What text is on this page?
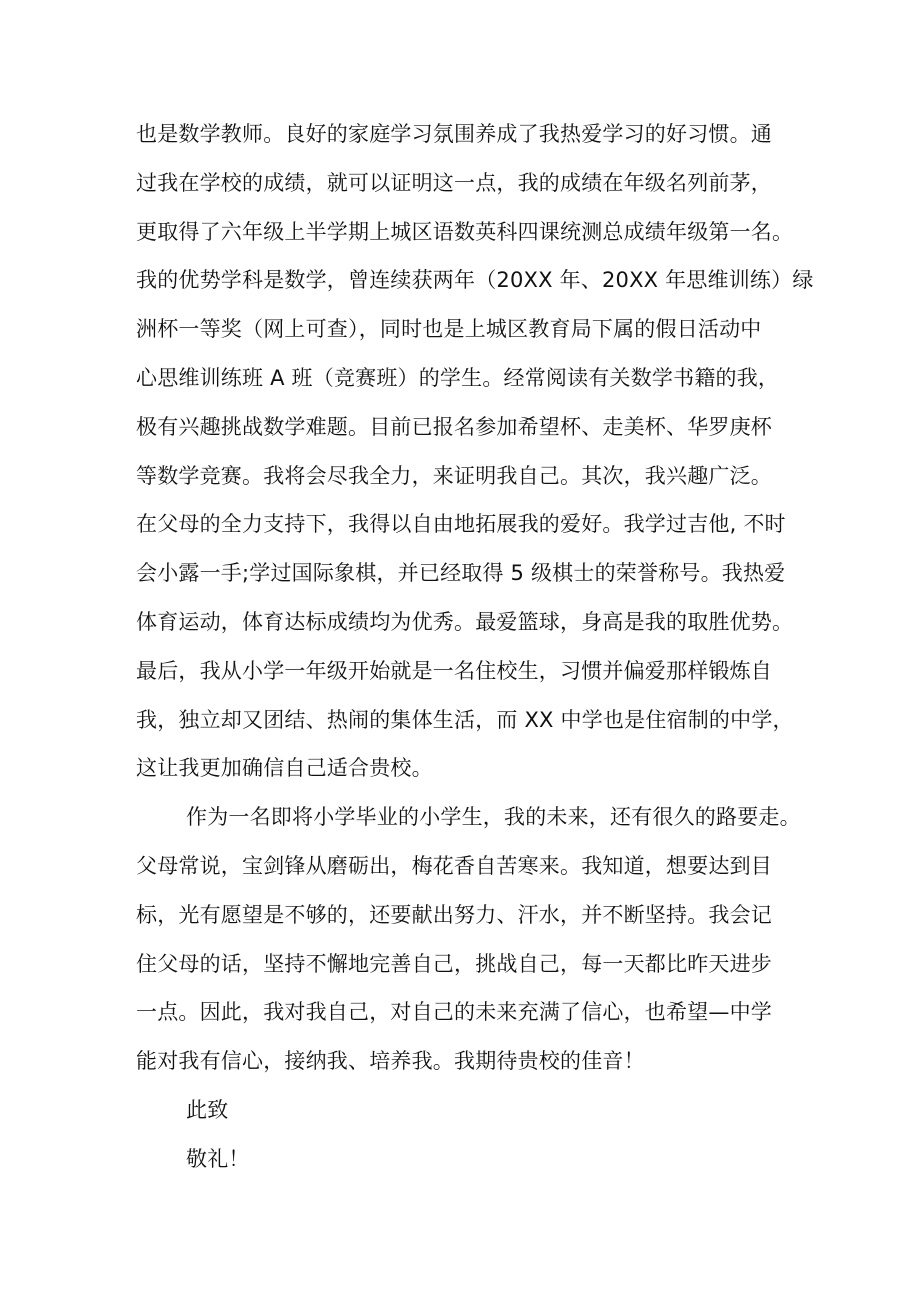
也是数学教师。良好的家庭学习氛围养成了我热爱学习的好习惯。通
过我在学校的成绩，就可以证明这一点，我的成绩在年级名列前茅，
更取得了六年级上半学期上城区语数英科四课统测总成绩年级第一名。
我的优势学科是数学，曾连续获两年（20XX 年、20XX 年思维训练）绿
洲杯一等奖（网上可查），同时也是上城区教育局下属的假日活动中
心思维训练班 A 班（竞赛班）的学生。经常阅读有关数学书籍的我，
极有兴趣挑战数学难题。目前已报名参加希望杯、走美杯、华罗庚杯
等数学竞赛。我将会尽我全力，来证明我自己。其次，我兴趣广泛。
在父母的全力支持下，我得以自由地拓展我的爱好。我学过吉他, 不时
会小露一手;学过国际象棋，并已经取得 5 级棋士的荣誉称号。我热爱
体育运动，体育达标成绩均为优秀。最爱篮球，身高是我的取胜优势。
最后，我从小学一年级开始就是一名住校生，习惯并偏爱那样锻炼自
我，独立却又团结、热闹的集体生活，而 XX 中学也是住宿制的中学，
这让我更加确信自己适合贵校。
作为一名即将小学毕业的小学生，我的未来，还有很久的路要走。
父母常说，宝剑锋从磨砺出，梅花香自苦寒来。我知道，想要达到目
标，光有愿望是不够的，还要献出努力、汗水，并不断坚持。我会记
住父母的话，坚持不懈地完善自己，挑战自己，每一天都比昨天进步
一点。因此，我对我自己，对自己的未来充满了信心，也希望—中学
能对我有信心，接纳我、培养我。我期待贵校的佳音！
此致
敬礼！
